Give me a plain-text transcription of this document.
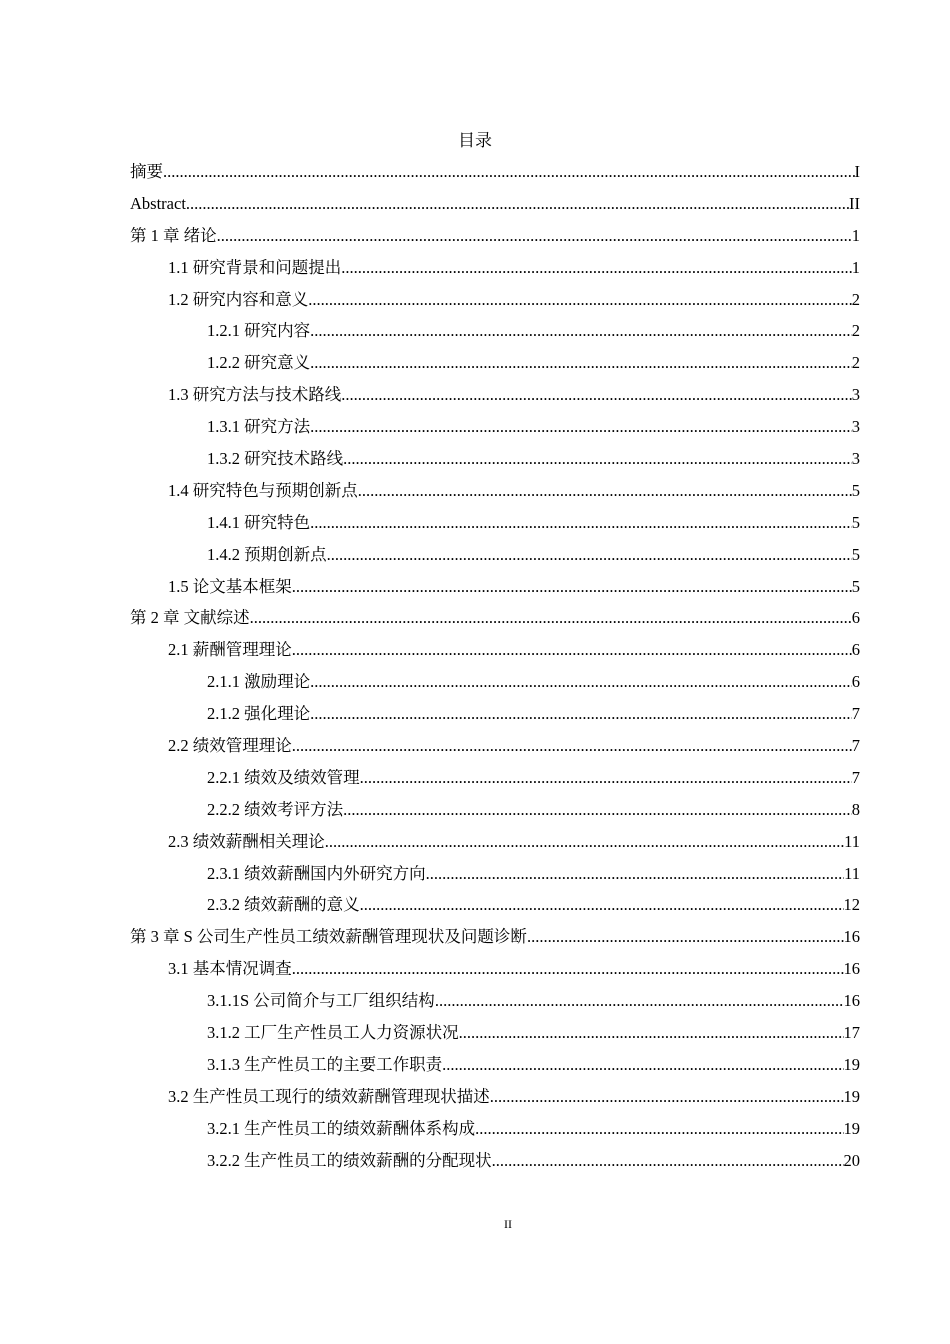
目录
摘要 .....	I
Abstract .....	II
第 1 章 绪论 .....	1
1.1 研究背景和问题提出 .....	1
1.2 研究内容和意义 .....	2
1.2.1 研究内容 .....	2
1.2.2 研究意义 .....	2
1.3 研究方法与技术路线 .....	3
1.3.1 研究方法 .....	3
1.3.2 研究技术路线 .....	3
1.4 研究特色与预期创新点 .....	5
1.4.1 研究特色 .....	5
1.4.2 预期创新点 .....	5
1.5 论文基本框架 .....	5
第 2 章 文献综述 .....	6
2.1 薪酬管理理论 .....	6
2.1.1 激励理论 .....	6
2.1.2 强化理论 .....	7
2.2 绩效管理理论 .....	7
2.2.1 绩效及绩效管理 .....	7
2.2.2 绩效考评方法 .....	8
2.3 绩效薪酬相关理论 .....	11
2.3.1 绩效薪酬国内外研究方向 .....	11
2.3.2 绩效薪酬的意义 .....	12
第 3 章 S 公司生产性员工绩效薪酬管理现状及问题诊断 .....	16
3.1 基本情况调查 .....	16
3.1.1S 公司简介与工厂组织结构 .....	16
3.1.2 工厂生产性员工人力资源状况 .....	17
3.1.3 生产性员工的主要工作职责 .....	19
3.2 生产性员工现行的绩效薪酬管理现状描述 .....	19
3.2.1 生产性员工的绩效薪酬体系构成 .....	19
3.2.2 生产性员工的绩效薪酬的分配现状 .....	20
II
